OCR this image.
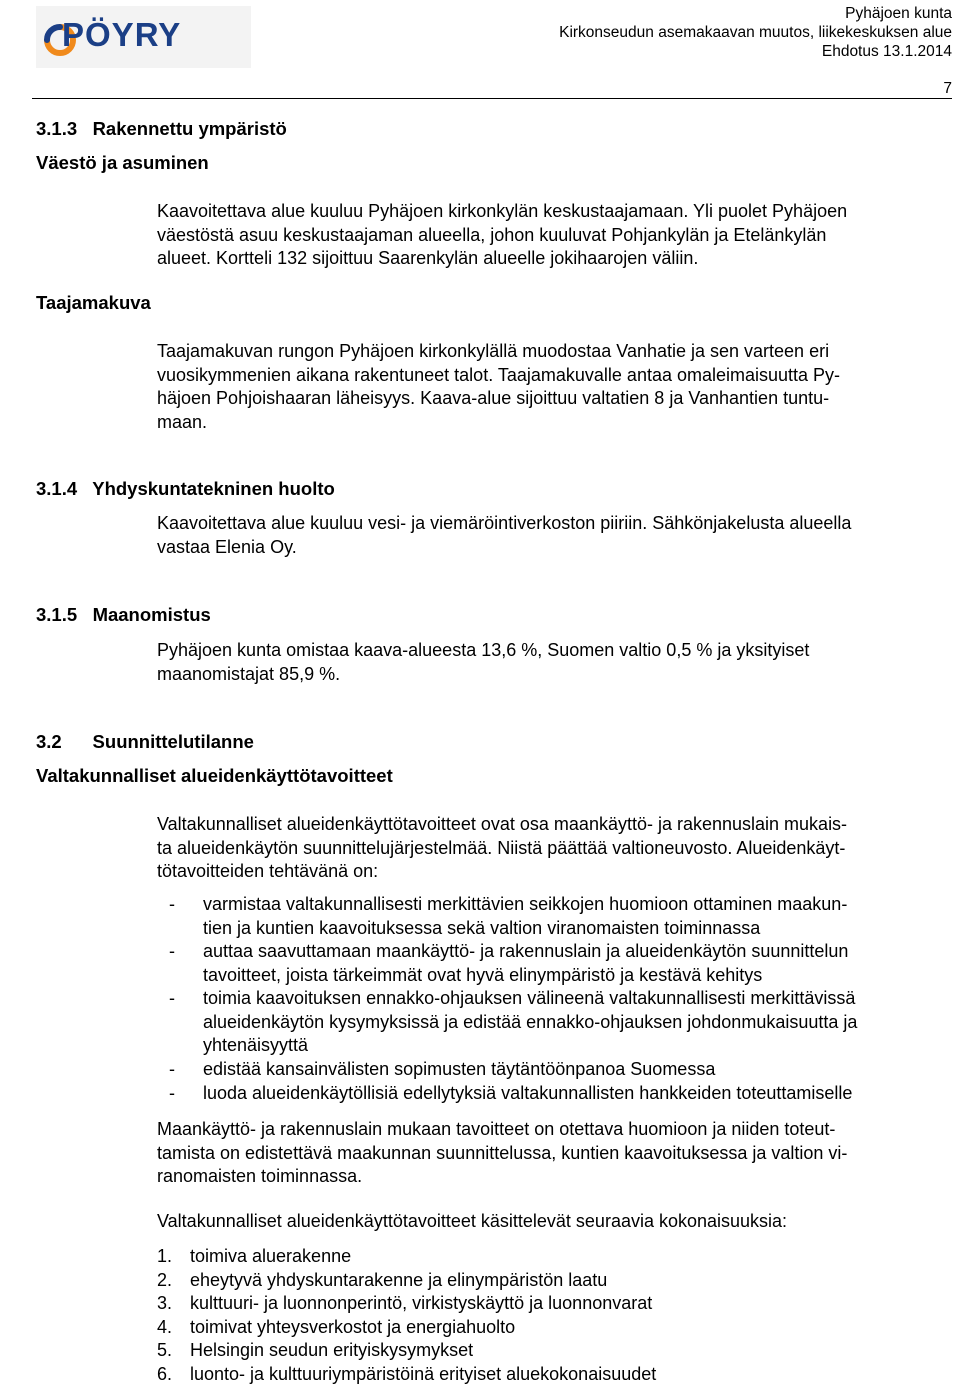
PÖYRY
Pyhäjoen kunta
Kirkonseudun asemakaavan muutos, liikekeskuksen alue
Ehdotus 13.1.2014
7
3.1.3   Rakennettu ympäristö
Väestö ja asuminen
Kaavoitettava alue kuuluu Pyhäjoen kirkonkylän keskustaajamaan. Yli puolet Pyhäjoen
väestöstä asuu keskustaajaman alueella, johon kuuluvat Pohjankylän ja Etelänkylän
alueet. Kortteli 132 sijoittuu Saarenkylän alueelle jokihaarojen väliin.
Taajamakuva
Taajamakuvan rungon Pyhäjoen kirkonkylällä muodostaa Vanhatie ja sen varteen eri
vuosikymmenien aikana rakentuneet talot. Taajamakuvalle antaa omaleimaisuutta Py-
häjoen Pohjoishaaran läheisyys. Kaava-alue sijoittuu valtatien 8 ja Vanhantien tuntu-
maan.
3.1.4   Yhdyskuntatekninen huolto
Kaavoitettava alue kuuluu vesi- ja viemäröintiverkoston piiriin. Sähkönjakelusta alueella
vastaa Elenia Oy.
3.1.5   Maanomistus
Pyhäjoen kunta omistaa kaava-alueesta 13,6 %, Suomen valtio 0,5 % ja yksityiset
maanomistajat 85,9 %.
3.2      Suunnittelutilanne
Valtakunnalliset alueidenkäyttötavoitteet
Valtakunnalliset alueidenkäyttötavoitteet ovat osa maankäyttö- ja rakennuslain mukais-
ta alueidenkäytön suunnittelujärjestelmää. Niistä päättää valtioneuvosto. Alueidenkäyt-
tötavoitteiden tehtävänä on:
- varmistaa valtakunnallisesti merkittävien seikkojen huomioon ottaminen maakun-
tien ja kuntien kaavoituksessa sekä valtion viranomaisten toiminnassa
- auttaa saavuttamaan maankäyttö- ja rakennuslain ja alueidenkäytön suunnittelun
tavoitteet, joista tärkeimmät ovat hyvä elinympäristö ja kestävä kehitys
- toimia kaavoituksen ennakko-ohjauksen välineenä valtakunnallisesti merkittävissä
alueidenkäytön kysymyksissä ja edistää ennakko-ohjauksen johdonmukaisuutta ja
yhtenäisyyttä
- edistää kansainvälisten sopimusten täytäntöönpanoa Suomessa
- luoda alueidenkäytöllisiä edellytyksiä valtakunnallisten hankkeiden toteuttamiselle
Maankäyttö- ja rakennuslain mukaan tavoitteet on otettava huomioon ja niiden toteut-
tamista on edistettävä maakunnan suunnittelussa, kuntien kaavoituksessa ja valtion vi-
ranomaisten toiminnassa.
Valtakunnalliset alueidenkäyttötavoitteet käsittelevät seuraavia kokonaisuuksia:
1. toimiva aluerakenne
2. eheytyvä yhdyskuntarakenne ja elinympäristön laatu
3. kulttuuri- ja luonnonperintö, virkistyskäyttö ja luonnonvarat
4. toimivat yhteysverkostot ja energiahuolto
5. Helsingin seudun erityiskysymykset
6. luonto- ja kulttuuriympäristöinä erityiset aluekokonaisuudet
